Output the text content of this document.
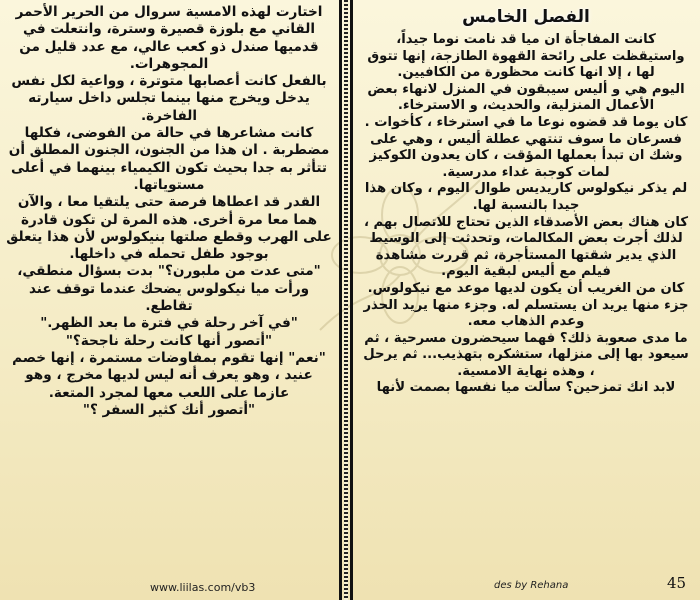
الفصل الخامس

كانت المفاجأة ان ميا قد نامت نوما جيداً، واستيقظت على رائحة القهوة الطازجة، إنها تتوق لها ، إلا انها كانت محظورة من الكافيين.

اليوم هي و أليس سيبقون في المنزل لانهاء بعض الأعمال المنزلية، والحديث، و الاسترخاء.

كان يوما قد قضوه نوعا ما في استرخاء ، كأخوات .

فسرعان ما سوف تنتهي عطلة أليس ، وهي على وشك ان تبدأ بعملها المؤقت ، كان يعدون الكوكيز لمات كوجبة غداء مدرسية.

لم يذكر نيكولوس كاريديس طوال اليوم ، وكان هذا جيدا بالنسبة لها.

كان هناك بعض الأصدقاء الذين تحتاج للاتصال بهم ، لذلك أجرت بعض المكالمات، وتحدثت إلى الوسيط الذي يدير شقتها المستأجرة، ثم قررت مشاهدة فيلم مع أليس لبقية اليوم.

كان من الغريب أن يكون لديها موعد مع نيكولوس. جزء منها يريد ان يستسلم له. وجزء منها يريد الحذر وعدم الذهاب معه.

ما مدى صعوبة ذلك؟ فهما سيحضرون مسرحية ، ثم سيعود بها إلى منزلها، ستشكره بتهذيب... ثم يرحل ، وهذه نهاية الامسية.

لابد انك تمزحين؟ سألت ميا نفسها بصمت لأنها

اختارت لهذه الامسية سروال من الحرير الأحمر القاني مع بلوزة قصيرة وسترة، وانتعلت في قدميها صندل ذو كعب عالي، مع عدد قليل من المجوهرات.

بالفعل كانت أعصابها متوترة ، وواعية لكل نفس يدخل ويخرج منها بينما تجلس داخل سيارته الفاخرة.

كانت مشاعرها في حالة من الفوضى، فكلها مضطربة . ان هذا من الجنون، الجنون المطلق أن تتأثر به جدا بحيث تكون الكيمياء بينهما في أعلى مستوياتها.

القدر قد اعطاها فرصة حتى يلتقيا معا ، والآن هما معا مرة أخرى. هذه المرة لن تكون قادرة على الهرب وقطع صلتها بنيكولوس لأن هذا يتعلق بوجود طفل تحمله في داخلها.

"متى عدت من ملبورن؟" بدت بسؤال منطقي، ورأت ميا نيكولوس يضحك عندما توقف عند تقاطع.

"في آخر رحلة في فترة ما بعد الظهر."

"أتصور أنها كانت رحلة ناجحة؟"

"نعم" إنها تقوم بمفاوضات مستمرة ، إنها خصم عنيد ، وهو يعرف أنه ليس لديها مخرج ، وهو عازما على اللعب معها لمجرد المتعة.

"أتصور أنك كثير السفر ؟"

www.liilas.com/vb3	des by Rehana	45
